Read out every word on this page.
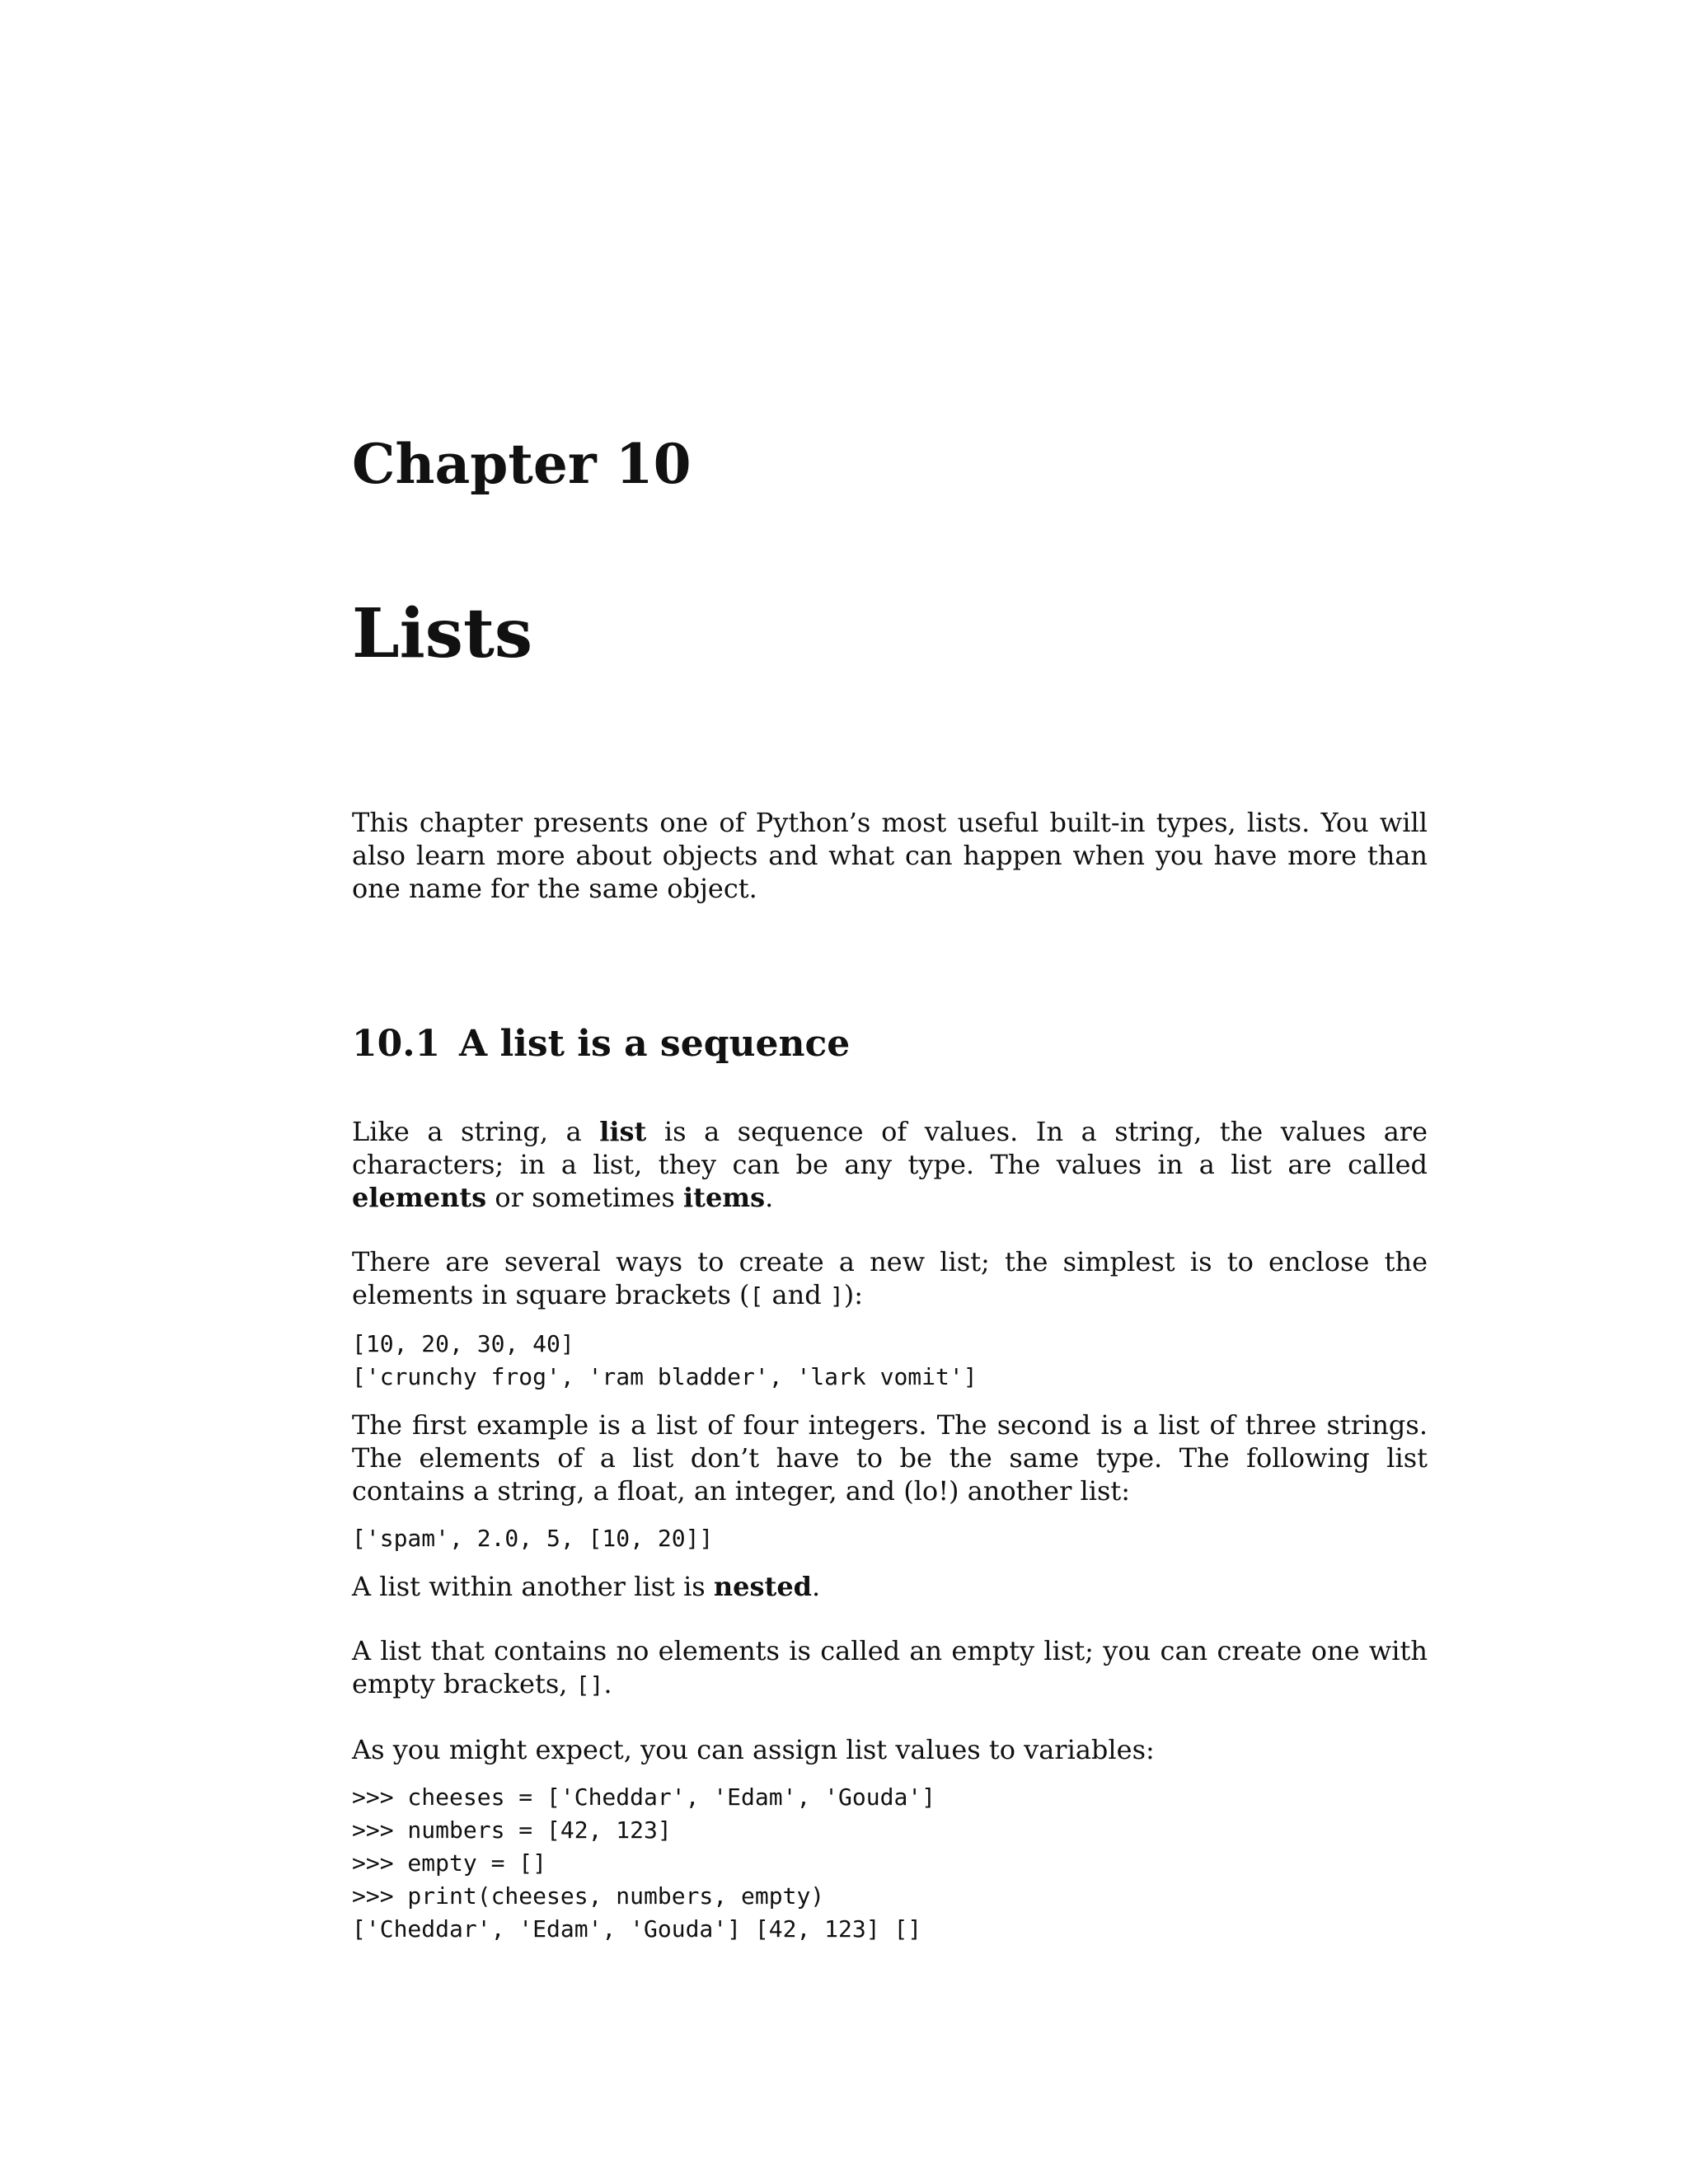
Chapter 10
Lists

This chapter presents one of Python’s most useful built-in types, lists. You will also learn more about objects and what can happen when you have more than one name for the same object.

10.1 A list is a sequence

Like a string, a list is a sequence of values. In a string, the values are characters; in a list, they can be any type. The values in a list are called elements or sometimes items.

There are several ways to create a new list; the simplest is to enclose the elements in square brackets ([ and ]):

[10, 20, 30, 40]
['crunchy frog', 'ram bladder', 'lark vomit']

The first example is a list of four integers. The second is a list of three strings. The elements of a list don’t have to be the same type. The following list contains a string, a float, an integer, and (lo!) another list:

['spam', 2.0, 5, [10, 20]]

A list within another list is nested.

A list that contains no elements is called an empty list; you can create one with empty brackets, [].

As you might expect, you can assign list values to variables:

>>> cheeses = ['Cheddar', 'Edam', 'Gouda']
>>> numbers = [42, 123]
>>> empty = []
>>> print(cheeses, numbers, empty)
['Cheddar', 'Edam', 'Gouda'] [42, 123] []
